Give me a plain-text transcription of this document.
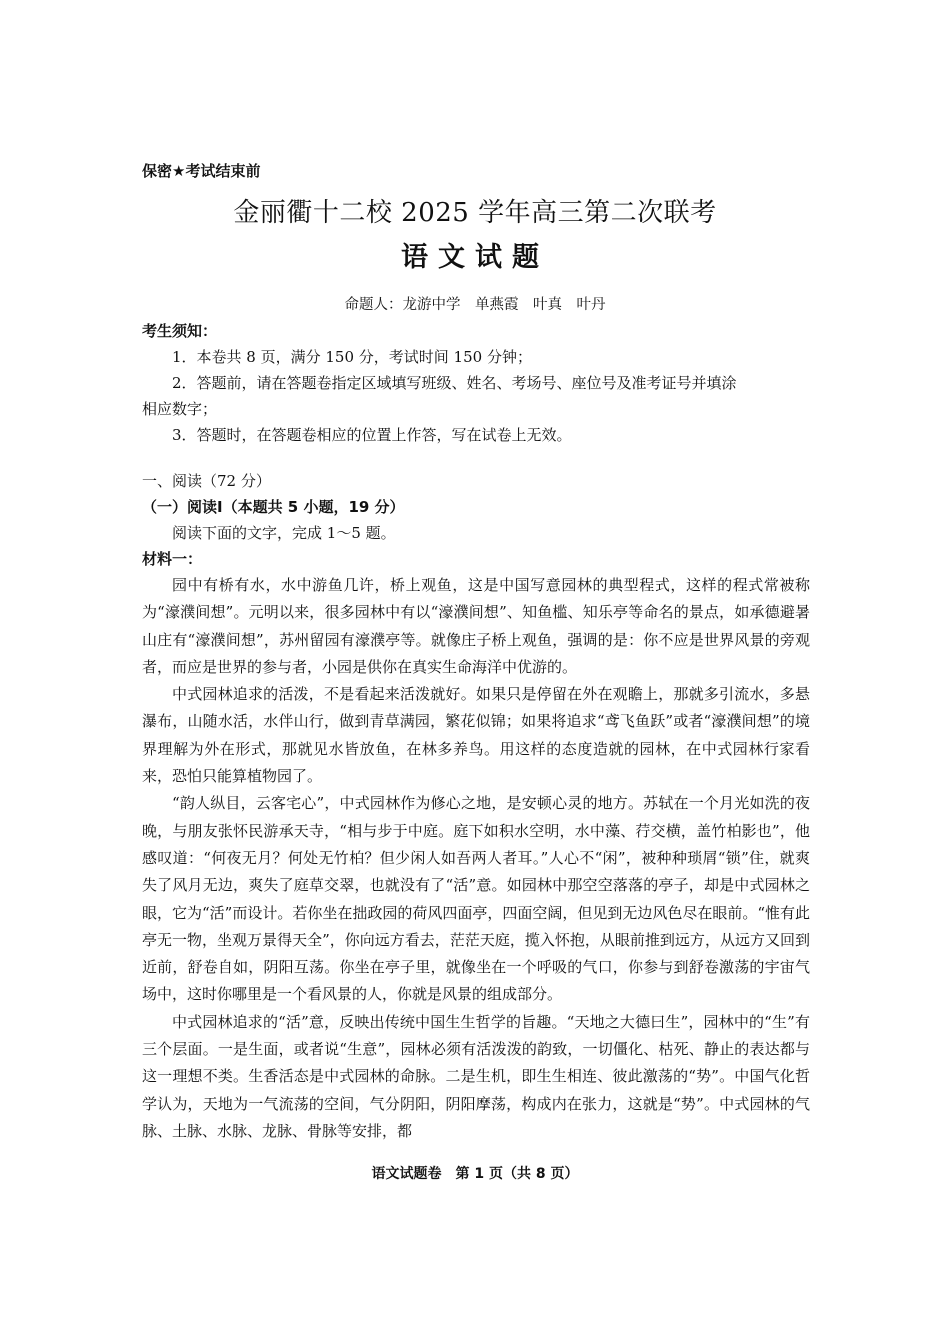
保密★考试结束前
金丽衢十二校 2025 学年高三第二次联考
语文试题
命题人：龙游中学　单燕霞　叶真　叶丹
考生须知：
1．本卷共 8 页，满分 150 分，考试时间 150 分钟；
2．答题前，请在答题卷指定区域填写班级、姓名、考场号、座位号及准考证号并填涂
相应数字；
3．答题时，在答题卷相应的位置上作答，写在试卷上无效。
一、阅读（72 分）
（一）阅读Ⅰ（本题共 5 小题，19 分）
阅读下面的文字，完成 1～5 题。
材料一：

园中有桥有水，水中游鱼几许，桥上观鱼，这是中国写意园林的典型程式，这样的程式常被称为“濠濮间想”。元明以来，很多园林中有以“濠濮间想”、知鱼槛、知乐亭等命名的景点，如承德避暑山庄有“濠濮间想”，苏州留园有濠濮亭等。就像庄子桥上观鱼，强调的是：你不应是世界风景的旁观者，而应是世界的参与者，小园是供你在真实生命海洋中优游的。

中式园林追求的活泼，不是看起来活泼就好。如果只是停留在外在观瞻上，那就多引流水，多悬瀑布，山随水活，水伴山行，做到青草满园，繁花似锦；如果将追求“鸢飞鱼跃”或者“濠濮间想”的境界理解为外在形式，那就见水皆放鱼，在林多养鸟。用这样的态度造就的园林，在中式园林行家看来，恐怕只能算植物园了。

“韵人纵目，云客宅心”，中式园林作为修心之地，是安顿心灵的地方。苏轼在一个月光如洗的夜晚，与朋友张怀民游承天寺，“相与步于中庭。庭下如积水空明，水中藻、荇交横，盖竹柏影也”，他感叹道：“何夜无月？何处无竹柏？但少闲人如吾两人者耳。”人心不“闲”，被种种琐屑“锁”住，就爽失了风月无边，爽失了庭草交翠，也就没有了“活”意。如园林中那空空落落的亭子，却是中式园林之眼，它为“活”而设计。若你坐在拙政园的荷风四面亭，四面空阔，但见到无边风色尽在眼前。“惟有此亭无一物，坐观万景得天全”，你向远方看去，茫茫天庭，揽入怀抱，从眼前推到远方，从远方又回到近前，舒卷自如，阴阳互荡。你坐在亭子里，就像坐在一个呼吸的气口，你参与到舒卷激荡的宇宙气场中，这时你哪里是一个看风景的人，你就是风景的组成部分。

中式园林追求的“活”意，反映出传统中国生生哲学的旨趣。“天地之大德曰生”，园林中的“生”有三个层面。一是生面，或者说“生意”，园林必须有活泼泼的韵致，一切僵化、枯死、静止的表达都与这一理想不类。生香活态是中式园林的命脉。二是生机，即生生相连、彼此激荡的“势”。中国气化哲学认为，天地为一气流荡的空间，气分阴阳，阴阳摩荡，构成内在张力，这就是“势”。中式园林的气脉、土脉、水脉、龙脉、骨脉等安排，都

语文试题卷　第 1 页（共 8 页）
